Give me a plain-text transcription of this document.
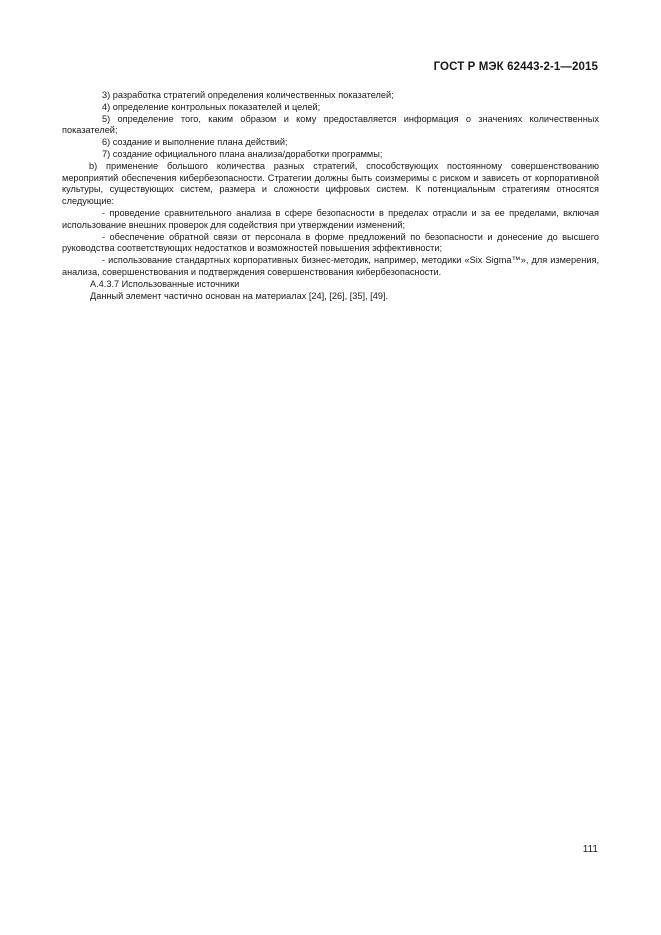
ГОСТ Р МЭК 62443-2-1—2015

3) разработка стратегий определения количественных показателей;

4) определение контрольных показателей и целей;

5) определение того, каким образом и кому предоставляется информация о значениях количественных показателей;

6) создание и выполнение плана действий;

7) создание официального плана анализа/доработки программы;

b) применение большого количества разных стратегий, способствующих постоянному совершенствованию мероприятий обеспечения кибербезопасности. Стратегии должны быть соизмеримы с риском и зависеть от корпоративной культуры, существующих систем, размера и сложности цифровых систем. К потенциальным стратегиям относятся следующие:

- проведение сравнительного анализа в сфере безопасности в пределах отрасли и за ее пределами, включая использование внешних проверок для содействия при утверждении изменений;

- обеспечение обратной связи от персонала в форме предложений по безопасности и донесение до высшего руководства соответствующих недостатков и возможностей повышения эффективности;

- использование стандартных корпоративных бизнес-методик, например, методики «Six Sigma™», для измерения, анализа, совершенствования и подтверждения совершенствования кибербезопасности.

А.4.3.7 Использованные источники

Данный элемент частично основан на материалах [24], [26], [35], [49].

111
